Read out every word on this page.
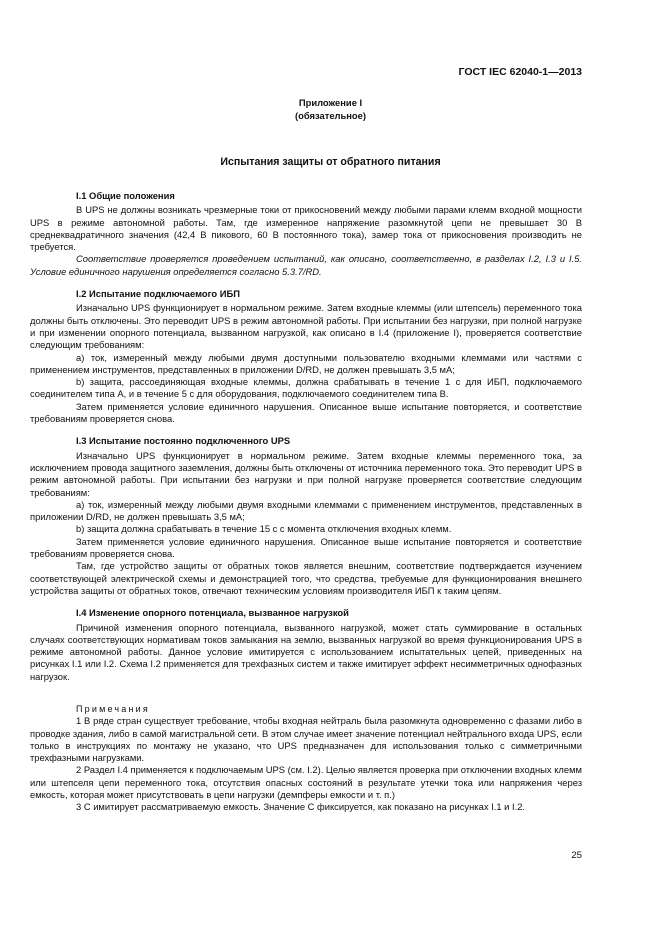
ГОСТ IEC 62040-1—2013
Приложение I
(обязательное)
Испытания защиты от обратного питания
I.1 Общие положения

В UPS не должны возникать чрезмерные токи от прикосновений между любыми парами клемм входной мощности UPS в режиме автономной работы. Там, где измеренное напряжение разомкнутой цепи не превышает 30 В среднеквадратичного значения (42,4 В пикового, 60 В постоянного тока), замер тока от прикосновения производить не требуется.

Соответствие проверяется проведением испытаний, как описано, соответственно, в разделах I.2, I.3 и I.5. Условие единичного нарушения определяется согласно 5.3.7/RD.

I.2 Испытание подключаемого ИБП

Изначально UPS функционирует в нормальном режиме. Затем входные клеммы (или штепсель) переменного тока должны быть отключены. Это переводит UPS в режим автономной работы. При испытании без нагрузки, при полной нагрузке и при изменении опорного потенциала, вызванном нагрузкой, как описано в I.4 (приложение I), проверяется соответствие следующим требованиям:

a) ток, измеренный между любыми двумя доступными пользователю входными клеммами или частями с применением инструментов, представленных в приложении D/RD, не должен превышать 3,5 мА;

b) защита, рассоединяющая входные клеммы, должна срабатывать в течение 1 с для ИБП, подключаемого соединителем типа А, и в течение 5 с для оборудования, подключаемого соединителем типа В.

Затем применяется условие единичного нарушения. Описанное выше испытание повторяется, и соответствие требованиям проверяется снова.

I.3 Испытание постоянно подключенного UPS

Изначально UPS функционирует в нормальном режиме. Затем входные клеммы переменного тока, за исключением провода защитного заземления, должны быть отключены от источника переменного тока. Это переводит UPS в режим автономной работы. При испытании без нагрузки и при полной нагрузке проверяется соответствие следующим требованиям:

a) ток, измеренный между любыми двумя входными клеммами с применением инструментов, представленных в приложении D/RD, не должен превышать 3,5 мА;

b) защита должна срабатывать в течение 15 с с момента отключения входных клемм.

Затем применяется условие единичного нарушения. Описанное выше испытание повторяется и соответствие требованиям проверяется снова.

Там, где устройство защиты от обратных токов является внешним, соответствие подтверждается изучением соответствующей электрической схемы и демонстрацией того, что средства, требуемые для функционирования внешнего устройства защиты от обратных токов, отвечают техническим условиям производителя ИБП к таким цепям.

I.4 Изменение опорного потенциала, вызванное нагрузкой

Причиной изменения опорного потенциала, вызванного нагрузкой, может стать суммирование в остальных случаях соответствующих нормативам токов замыкания на землю, вызванных нагрузкой во время функционирования UPS в режиме автономной работы. Данное условие имитируется с использованием испытательных цепей, приведенных на рисунках I.1 или I.2. Схема I.2 применяется для трехфазных систем и также имитирует эффект несимметричных однофазных нагрузок.

Примечания

1 В ряде стран существует требование, чтобы входная нейтраль была разомкнута одновременно с фазами либо в проводке здания, либо в самой магистральной сети. В этом случае имеет значение потенциал нейтрального входа UPS, если только в инструкциях по монтажу не указано, что UPS предназначен для использования только с симметричными трехфазными нагрузками.

2 Раздел I.4 применяется к подключаемым UPS (см. I.2). Целью является проверка при отключении входных клемм или штепселя цепи переменного тока, отсутствия опасных состояний в результате утечки тока или напряжения через емкость, которая может присутствовать в цепи нагрузки (демпферы емкости и т. п.)

3 С имитирует рассматриваемую емкость. Значение С фиксируется, как показано на рисунках I.1 и I.2.

25
